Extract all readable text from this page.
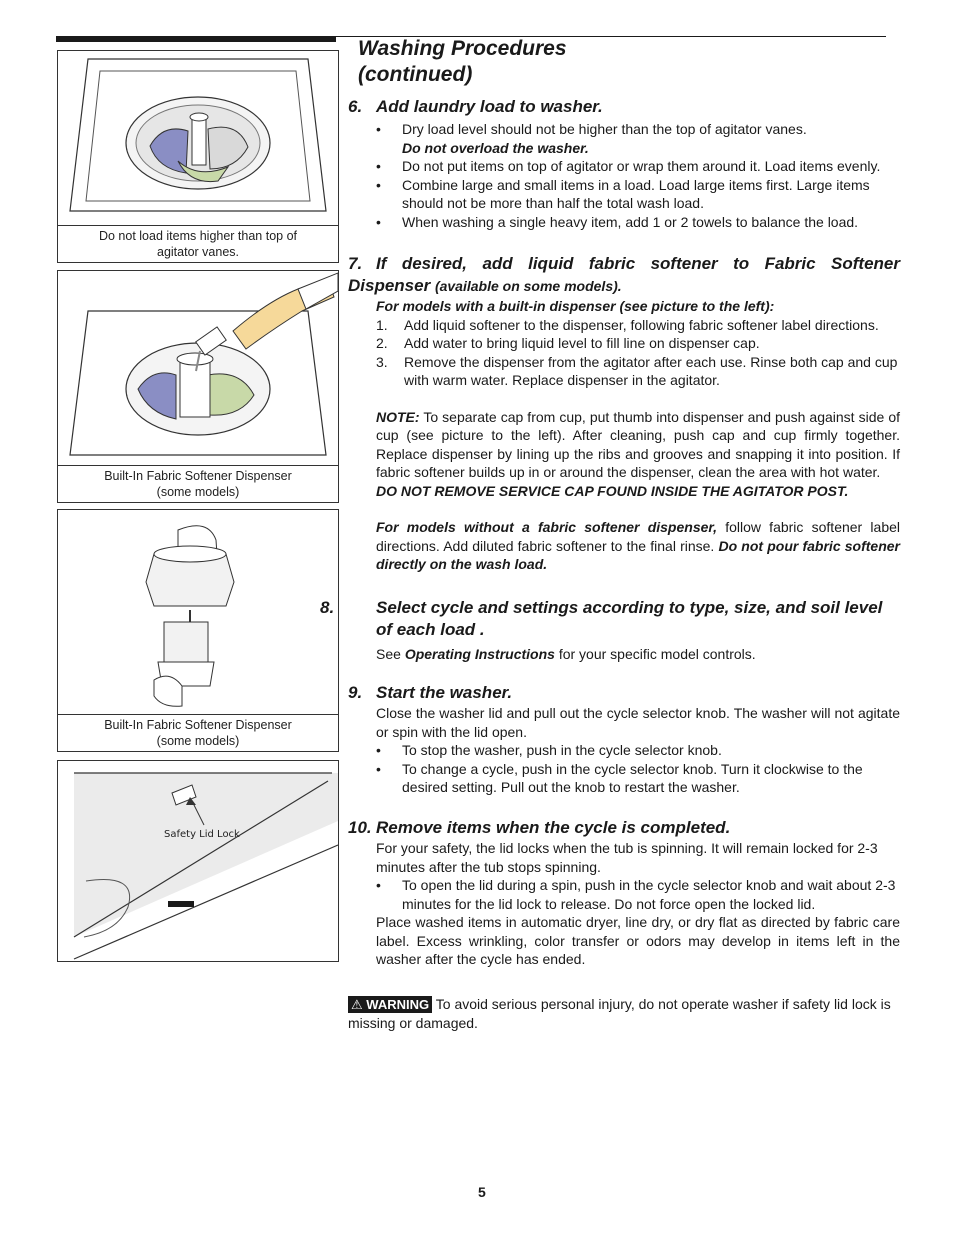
Washing Procedures
(continued)
Do not load items higher than top of agitator vanes.
Built-In Fabric Softener Dispenser
(some models)
Built-In Fabric Softener Dispenser
(some models)
Safety Lid Lock
6. Add laundry load to washer.
• Dry load level should not be higher than the top of agitator vanes.
Do not overload the washer.
• Do not put items on top of agitator or wrap them around it. Load items evenly.
• Combine large and small items in a load. Load large items first. Large items should not be more than half the total wash load.
• When washing a single heavy item, add 1 or 2 towels to balance the load.
7. If desired, add liquid fabric softener to Fabric Softener Dispenser (available on some models).
For models with a built-in dispenser (see picture to the left):
1. Add liquid softener to the dispenser, following fabric softener label directions.
2. Add water to bring liquid level to fill line on dispenser cap.
3. Remove the dispenser from the agitator after each use. Rinse both cap and cup with warm water. Replace dispenser in the agitator.
NOTE: To separate cap from cup, put thumb into dispenser and push against side of cup (see picture to the left). After cleaning, push cap and cup firmly together. Replace dispenser by lining up the ribs and grooves and snapping it into position. If fabric softener builds up in or around the dispenser, clean the area with hot water.
DO NOT REMOVE SERVICE CAP FOUND INSIDE THE AGITATOR POST.
For models without a fabric softener dispenser, follow fabric softener label directions. Add diluted fabric softener to the final rinse. Do not pour fabric softener directly on the wash load.
8. Select cycle and settings according to type, size, and soil level of each load .
See Operating Instructions for your specific model controls.
9. Start the washer.
Close the washer lid and pull out the cycle selector knob. The washer will not agitate or spin with the lid open.
• To stop the washer, push in the cycle selector knob.
• To change a cycle, push in the cycle selector knob. Turn it clockwise to the desired setting. Pull out the knob to restart the washer.
10. Remove items when the cycle is completed.
For your safety, the lid locks when the tub is spinning. It will remain locked for 2-3 minutes after the tub stops spinning.
• To open the lid during a spin, push in the cycle selector knob and wait about 2-3 minutes for the lid lock to release. Do not force open the locked lid.
Place washed items in automatic dryer, line dry, or dry flat as directed by fabric care label. Excess wrinkling, color transfer or odors may develop in items left in the washer after the cycle has ended.
⚠ WARNING To avoid serious personal injury, do not operate washer if safety lid lock is missing or damaged.
5
